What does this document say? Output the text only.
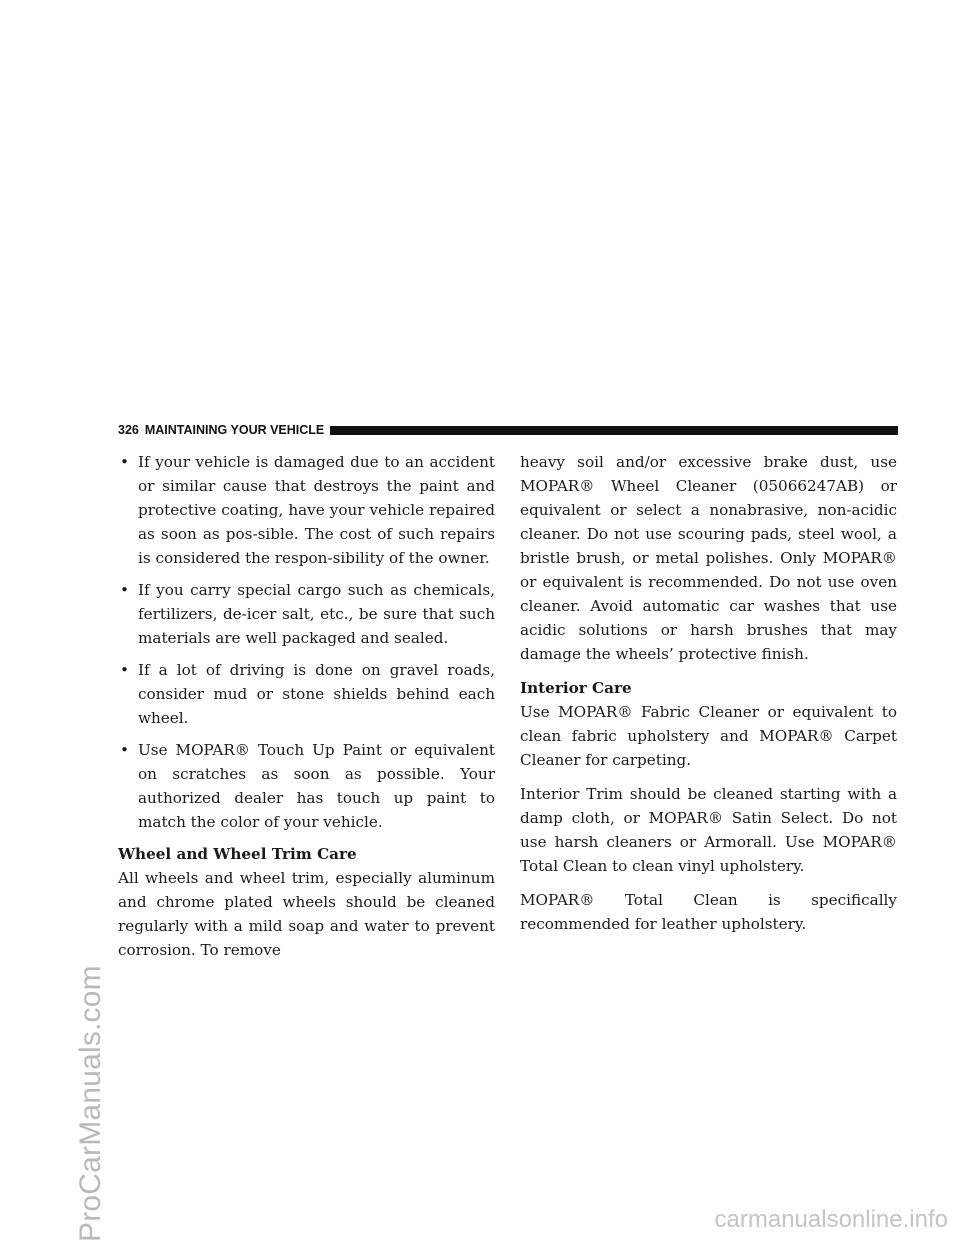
ProCarManuals.com	carmanualsonline.info
326 MAINTAINING YOUR VEHICLE
• If your vehicle is damaged due to an accident or similar cause that destroys the paint and protective coating, have your vehicle repaired as soon as pos-sible. The cost of such repairs is considered the respon-sibility of the owner.
• If you carry special cargo such as chemicals, fertilizers, de-icer salt, etc., be sure that such materials are well packaged and sealed.
• If a lot of driving is done on gravel roads, consider mud or stone shields behind each wheel.
• Use MOPAR® Touch Up Paint or equivalent on scratches as soon as possible. Your authorized dealer has touch up paint to match the color of your vehicle.

Wheel and Wheel Trim Care

All wheels and wheel trim, especially aluminum and chrome plated wheels should be cleaned regularly with a mild soap and water to prevent corrosion. To remove

heavy soil and/or excessive brake dust, use MOPAR® Wheel Cleaner (05066247AB) or equivalent or select a nonabrasive, non-acidic cleaner. Do not use scouring pads, steel wool, a bristle brush, or metal polishes. Only MOPAR® or equivalent is recommended. Do not use oven cleaner. Avoid automatic car washes that use acidic solutions or harsh brushes that may damage the wheels’ protective finish.

Interior Care

Use MOPAR® Fabric Cleaner or equivalent to clean fabric upholstery and MOPAR® Carpet Cleaner for carpeting.

Interior Trim should be cleaned starting with a damp cloth, or MOPAR® Satin Select. Do not use harsh cleaners or Armorall. Use MOPAR® Total Clean to clean vinyl upholstery.

MOPAR® Total Clean is specifically recommended for leather upholstery.
